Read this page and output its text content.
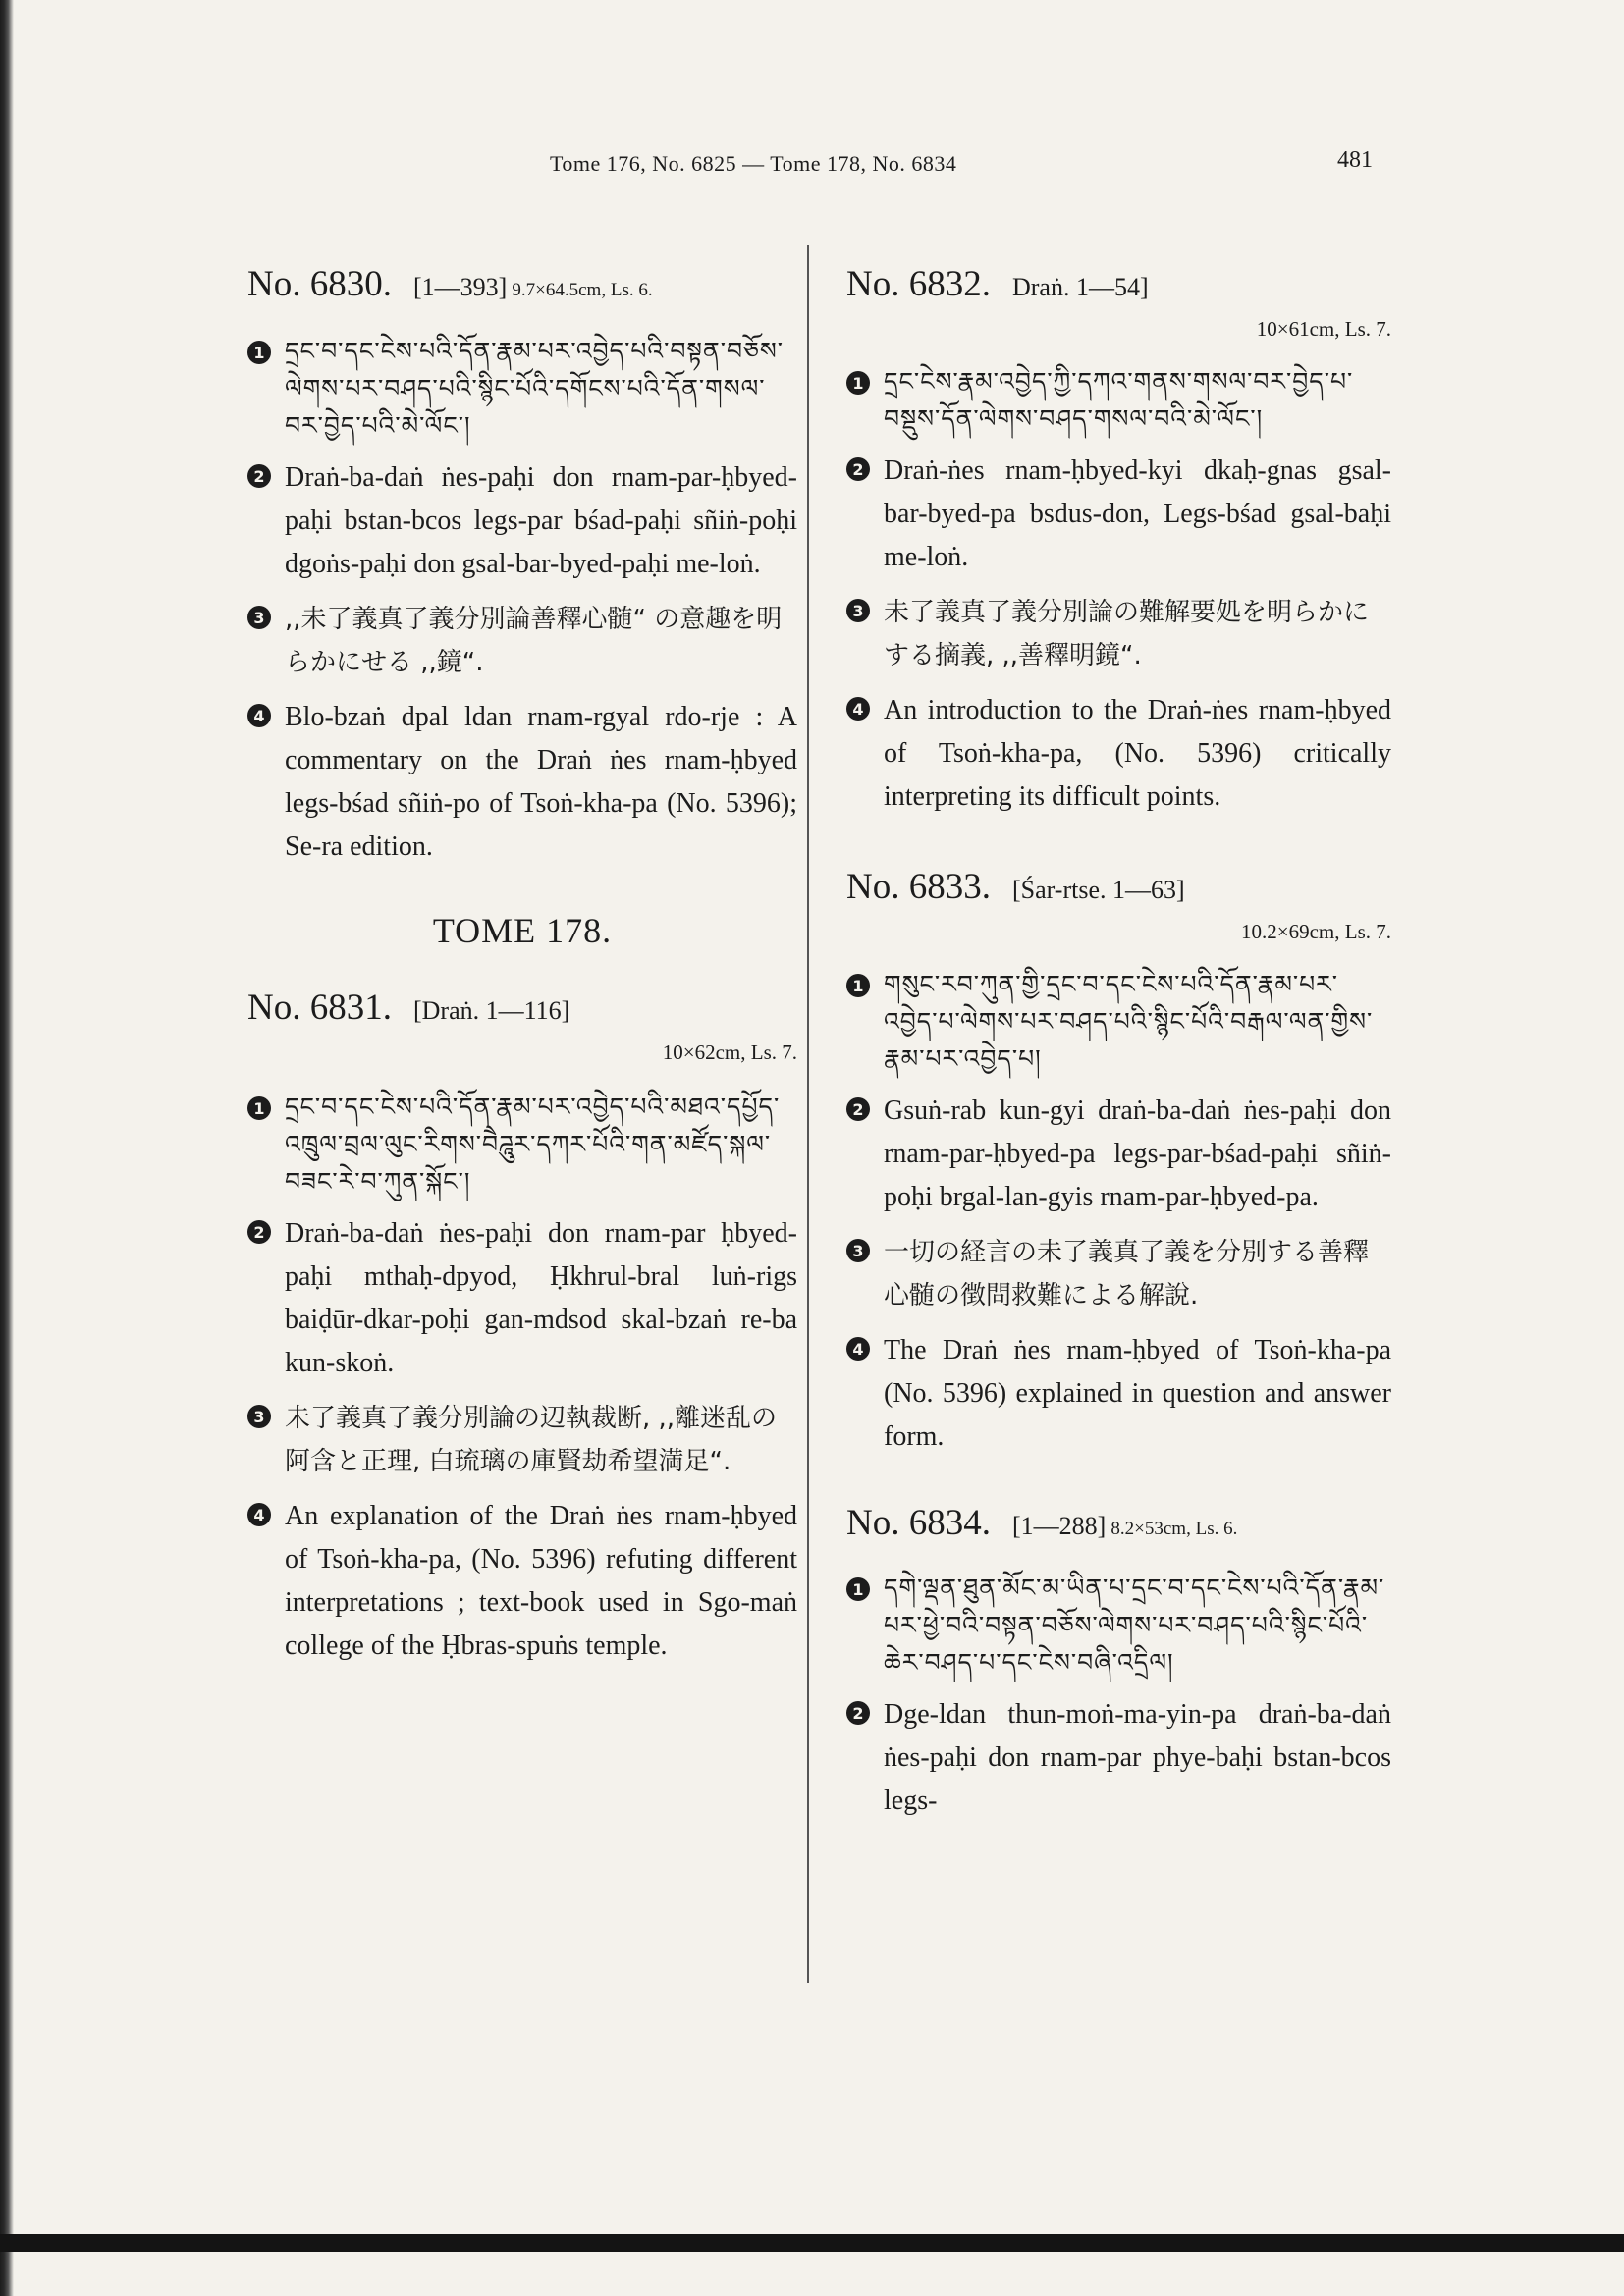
Tome 176, No. 6825 — Tome 178, No. 6834	481
No. 6830. [1—393] 9.7×64.5cm, Ls. 6.
1 དྲང་བ་དང་ངེས་པའི་དོན་རྣམ་པར་འབྱེད་པའི་བསྟན་བཅོས་ལེགས་པར་བཤད་པའི་སྙིང་པོའི་དགོངས་པའི་དོན་གསལ་བར་བྱེད་པའི་མེ་ལོང་།
2 Draṅ-ba-daṅ ṅes-paḥi don rnam-par-ḥbyed-paḥi bstan-bcos legs-par bśad-paḥi sñiṅ-poḥi dgoṅs-paḥi don gsal-bar-byed-paḥi me-loṅ.
3 ,,未了義真了義分別論善釋心髄“ の意趣を明らかにせる ,,鏡“.
4 Blo-bzaṅ dpal ldan rnam-rgyal rdo-rje : A commentary on the Draṅ ṅes rnam-ḥbyed legs-bśad sñiṅ-po of Tsoṅ-kha-pa (No. 5396); Se-ra edition.
TOME 178.
No. 6831. [Draṅ. 1—116]
10×62cm, Ls. 7.
1 དྲང་བ་དང་ངེས་པའི་དོན་རྣམ་པར་འབྱེད་པའི་མཐའ་དཔྱོད་འཁྲུལ་བྲལ་ལུང་རིགས་བཻཌཱུར་དཀར་པོའི་གན་མཛོད་སྐལ་བཟང་རེ་བ་ཀུན་སྐོང་།
2 Draṅ-ba-daṅ ṅes-paḥi don rnam-par ḥbyed-paḥi mthaḥ-dpyod, Ḥkhrul-bral luṅ-rigs baiḍūr-dkar-poḥi gan-mdsod skal-bzaṅ re-ba kun-skoṅ.
3 未了義真了義分別論の辺執裁断, ,,離迷乱の阿含と正理, 白琉璃の庫賢劫希望満足“.
4 An explanation of the Draṅ ṅes rnam-ḥbyed of Tsoṅ-kha-pa, (No. 5396) refuting different interpretations ; text-book used in Sgo-maṅ college of the Ḥbras-spuṅs temple.
No. 6832. Draṅ. 1—54]
10×61cm, Ls. 7.
1 དྲང་ངེས་རྣམ་འབྱེད་ཀྱི་དཀའ་གནས་གསལ་བར་བྱེད་པ་བསྡུས་དོན་ལེགས་བཤད་གསལ་བའི་མེ་ལོང་།
2 Draṅ-ṅes rnam-ḥbyed-kyi dkaḥ-gnas gsal-bar-byed-pa bsdus-don, Legs-bśad gsal-baḥi me-loṅ.
3 未了義真了義分別論の難解要処を明らかにする摘義, ,,善釋明鏡“.
4 An introduction to the Draṅ-ṅes rnam-ḥbyed of Tsoṅ-kha-pa, (No. 5396) critically interpreting its difficult points.
No. 6833. [Śar-rtse. 1—63]
10.2×69cm, Ls. 7.
1 གསུང་རབ་ཀུན་གྱི་དྲང་བ་དང་ངེས་པའི་དོན་རྣམ་པར་འབྱེད་པ་ལེགས་པར་བཤད་པའི་སྙིང་པོའི་བརྒལ་ལན་གྱིས་རྣམ་པར་འབྱེད་པ།
2 Gsuṅ-rab kun-gyi draṅ-ba-daṅ ṅes-paḥi don rnam-par-ḥbyed-pa legs-par-bśad-paḥi sñiṅ-poḥi brgal-lan-gyis rnam-par-ḥbyed-pa.
3 一切の経言の未了義真了義を分別する善釋心髄の徴問救難による解說.
4 The Draṅ ṅes rnam-ḥbyed of Tsoṅ-kha-pa (No. 5396) explained in question and answer form.
No. 6834. [1—288] 8.2×53cm, Ls. 6.
1 དགེ་ལྡན་ཐུན་མོང་མ་ཡིན་པ་དྲང་བ་དང་ངེས་པའི་དོན་རྣམ་པར་ཕྱེ་བའི་བསྟན་བཅོས་ལེགས་པར་བཤད་པའི་སྙིང་པོའི་ཆེར་བཤད་པ་དང་ངེས་བཞི་འདྲིལ།
2 Dge-ldan thun-moṅ-ma-yin-pa draṅ-ba-daṅ ṅes-paḥi don rnam-par phye-baḥi bstan-bcos legs-
